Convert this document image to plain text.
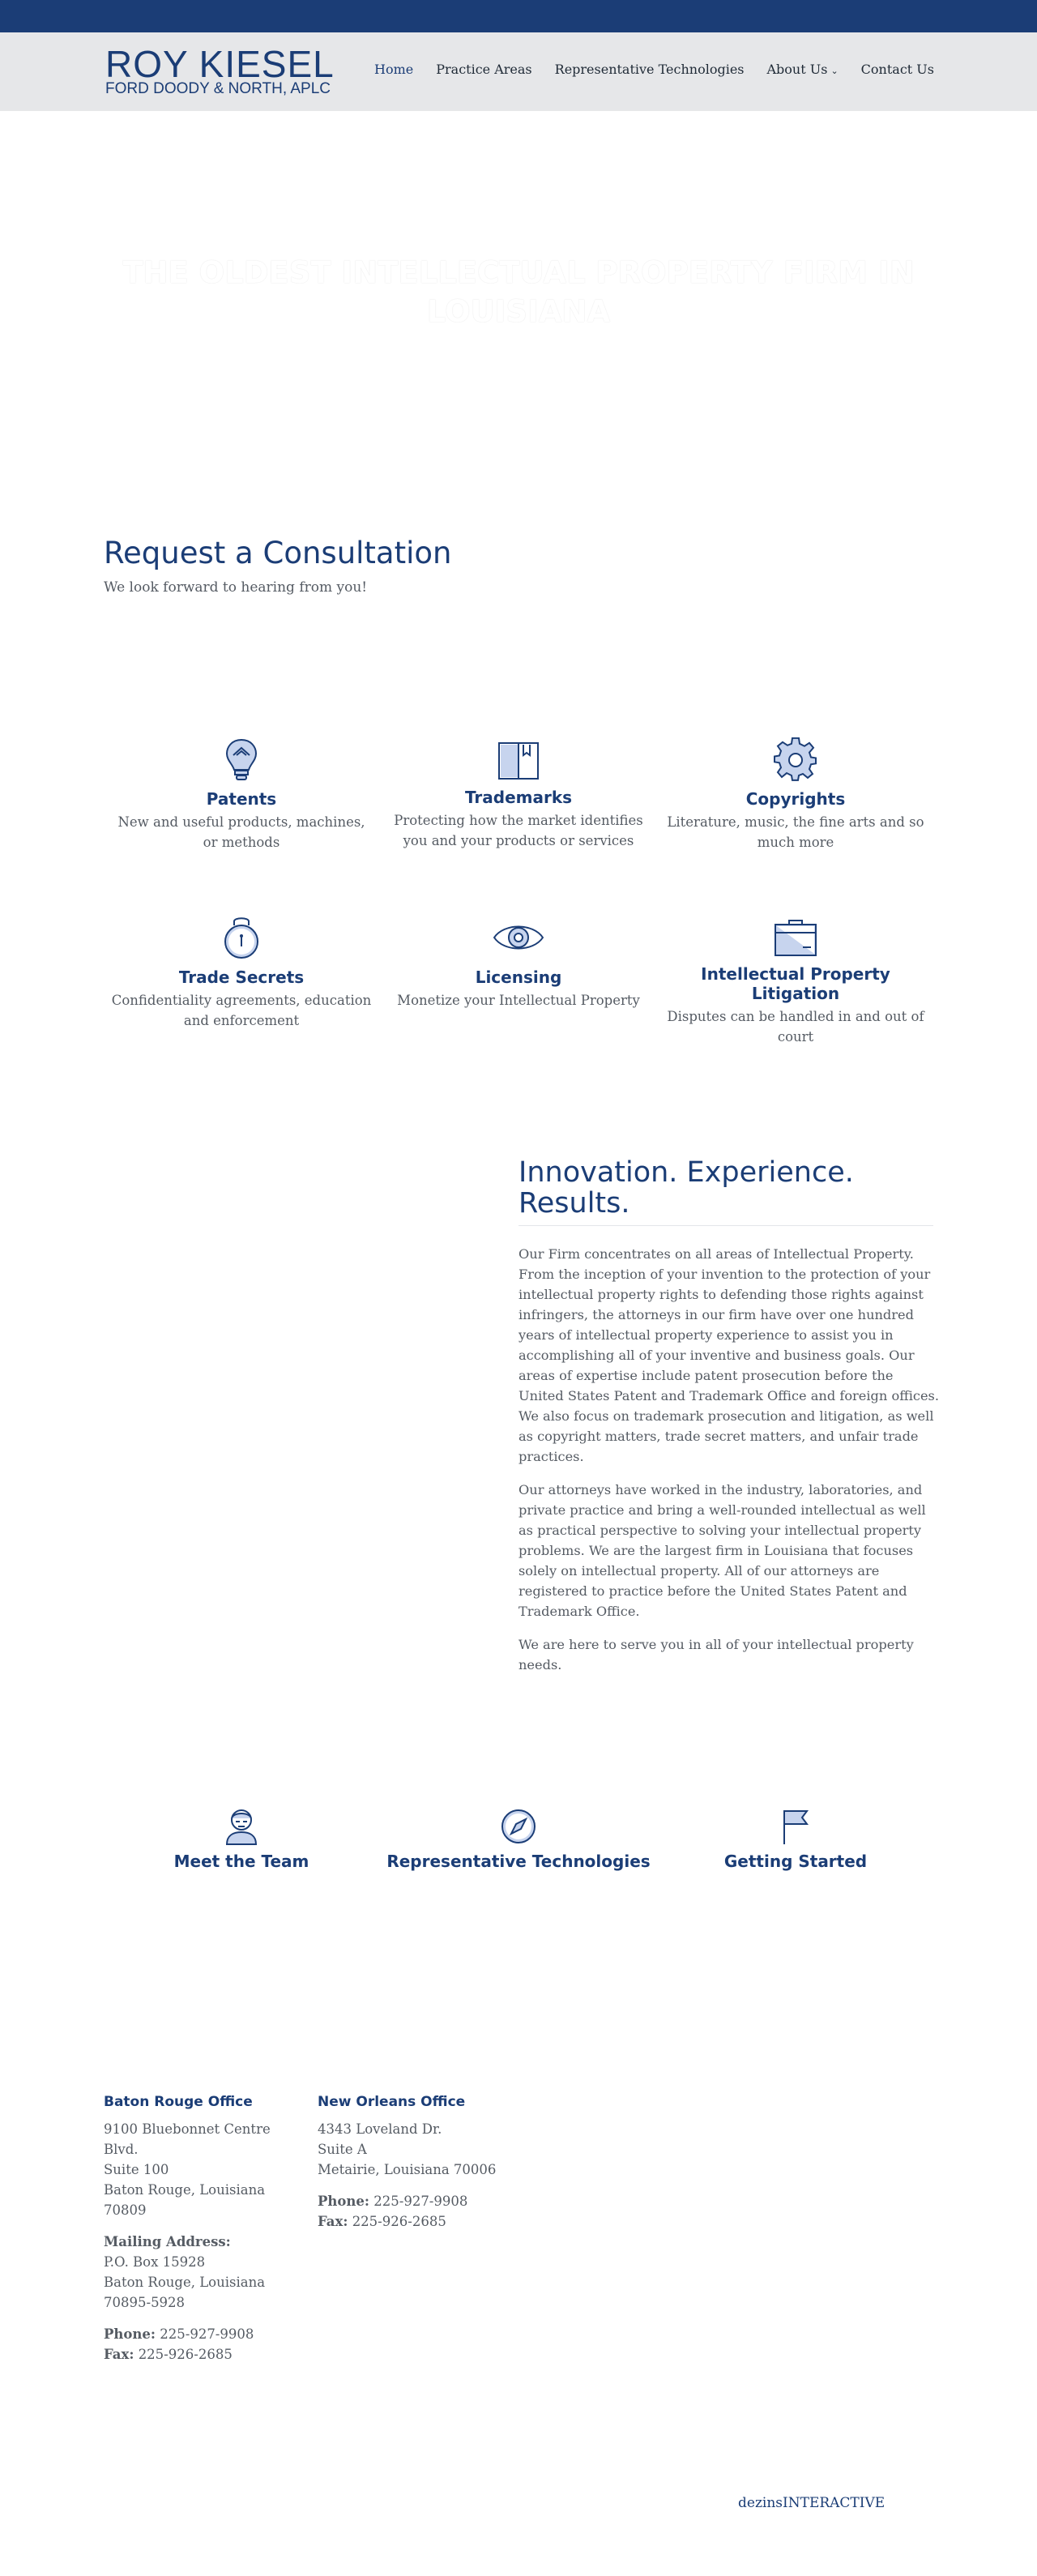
ROY KIESEL
FORD DOODY & NORTH, APLC
Home Practice Areas Representative Technologies About Us ⌄ Contact Us
THE OLDEST INTELLECTUAL PROPERTY FIRM IN LOUISIANA
Request a Consultation
We look forward to hearing from you!
Patents
New and useful products, machines, or methods
Trademarks
Protecting how the market identifies you and your products or services
Copyrights
Literature, music, the fine arts and so much more
Trade Secrets
Confidentiality agreements, education and enforcement
Licensing
Monetize your Intellectual Property
Intellectual Property Litigation
Disputes can be handled in and out of court
Innovation. Experience. Results.

Our Firm concentrates on all areas of Intellectual Property. From the inception of your invention to the protection of your intellectual property rights to defending those rights against infringers, the attorneys in our firm have over one hundred years of intellectual property experience to assist you in accomplishing all of your inventive and business goals. Our areas of expertise include patent prosecution before the United States Patent and Trademark Office and foreign offices. We also focus on trademark prosecution and litigation, as well as copyright matters, trade secret matters, and unfair trade practices.

Our attorneys have worked in the industry, laboratories, and private practice and bring a well-rounded intellectual as well as practical perspective to solving your intellectual property problems. We are the largest firm in Louisiana that focuses solely on intellectual property. All of our attorneys are registered to practice before the United States Patent and Trademark Office.

We are here to serve you in all of your intellectual property needs.

Meet the Team	Representative Technologies	Getting Started
Baton Rouge Office
9100 Bluebonnet Centre
Blvd.
Suite 100
Baton Rouge, Louisiana
70809
Mailing Address:
P.O. Box 15928
Baton Rouge, Louisiana
70895-5928
Phone: 225-927-9908
Fax: 225-926-2685
New Orleans Office
4343 Loveland Dr.
Suite A
Metairie, Louisiana 70006
Phone: 225-927-9908
Fax: 225-926-2685
dezinsINTERACTIVE
